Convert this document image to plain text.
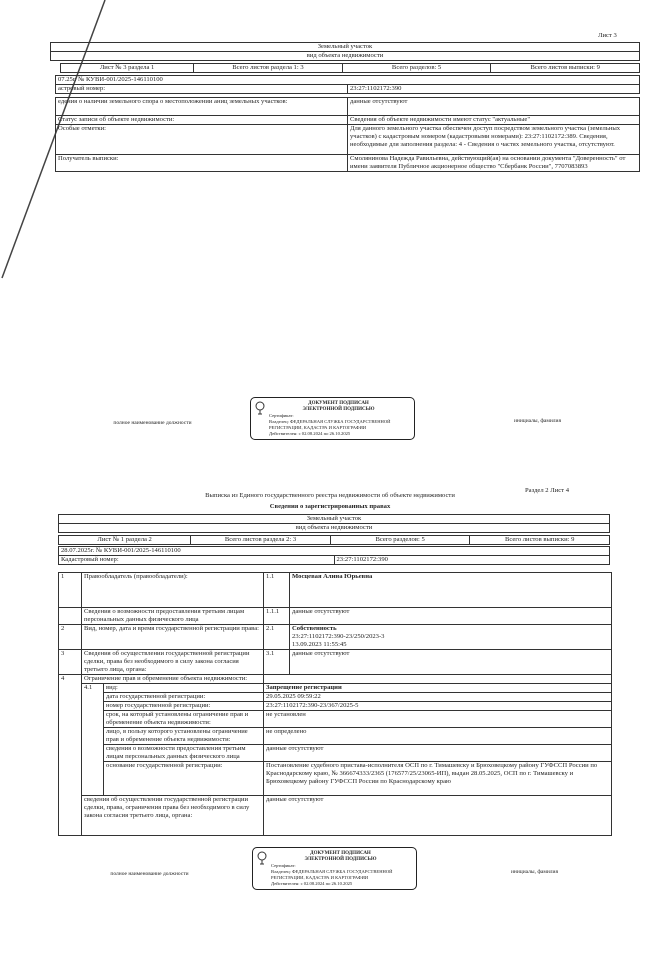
Лист 3
Земельный участок
вид объекта недвижимости
Лист № 3 раздела 1	Всего листов раздела 1: 3	Всего разделов: 5	Всего листов выписки: 9
07.25г. № КУВИ-001/2025-146110100	
астровый номер:	23:27:1102172:390

едения о наличии земельного спора о местоположении аниц земельных участков:	данные отсутствуют
Статус записи об объекте недвижимости:	Сведения об объекте недвижимости имеют статус "актуальные"
Особые отметки:	Для данного земельного участка обеспечен доступ посредством земельного участка (земельных участков) с кадастровым номером (кадастровыми номерами): 23:27:1102172:389. Сведения, необходимые для заполнения раздела: 4 - Сведения о частях земельного участка, отсутствуют.
Получатель выписки:	Смолянинова Надежда Равильевна, действующий(ая) на основании документа "Доверенность" от имени заявителя Публичное акционерное общество "Сбербанк России", 7707083893

полное наименование должности		инициалы, фамилия
ДОКУМЕНТ ПОДПИСАН
ЭЛЕКТРОННОЙ ПОДПИСЬЮ
Сертификат:
Владелец: ФЕДЕРАЛЬНАЯ СЛУЖБА ГОСУДАРСТВЕННОЙ РЕГИСТРАЦИИ, КАДАСТРА И КАРТОГРАФИИ
Действителен: с 02.08.2024 по 26.10.2025
Раздел 2 Лист 4
Выписка из Единого государственного реестра недвижимости об объекте недвижимости
Сведения о зарегистрированных правах
Земельный участок
вид объекта недвижимости
Лист № 1 раздела 2	Всего листов раздела 2: 3	Всего разделов: 5	Всего листов выписки: 9
28.07.2025г. № КУВИ-001/2025-146110100
Кадастровый номер:	23:27:1102172:390
1	Правообладатель (правообладатели):		1.1	Мосцевая Алина Юрьевна
	Сведения о возможности предоставления третьим лицам персональных данных физического лица		1.1.1	данные отсутствуют
2	Вид, номер, дата и время государственной регистрации права:		2.1	Собственность
23:27:1102172:390-23/250/2023-3
13.09.2023 11:55:45

3	Сведения об осуществлении государственной регистрации сделки, права без необходимого в силу закона согласия третьего лица, органа:		3.1	данные отсутствуют
4	Ограничение прав и обременение объекта недвижимости:			
	4.1	вид:	Запрещение регистрации	
		дата государственной регистрации:	29.05.2025 09:59:22	
		номер государственной регистрации:	23:27:1102172:390-23/367/2025-5	
		срок, на который установлены ограничение прав и обременение объекта недвижимости:	не установлен	
		лицо, в пользу которого установлены ограничение прав и обременение объекта недвижимости:	не определено	
		сведения о возможности предоставления третьим лицам персональных данных физического лица	данные отсутствуют	
		основание государственной регистрации:	Постановление судебного пристава-исполнителя ОСП по г. Тимашевску и Брюховецкому району ГУФССП России по Краснодарскому краю, № 366674333/2365 (176577/25/23065-ИП), выдан 28.05.2025, ОСП по г. Тимашевску и Брюховецкому району ГУФССП России по Краснодарскому краю	
	сведения об осуществлении государственной регистрации сделки, права, ограничения права без необходимого в силу закона согласия третьего лица, органа:		данные отсутствуют	

полное наименование должности		инициалы, фамилия
ДОКУМЕНТ ПОДПИСАН
ЭЛЕКТРОННОЙ ПОДПИСЬЮ
Сертификат:
Владелец: ФЕДЕРАЛЬНАЯ СЛУЖБА ГОСУДАРСТВЕННОЙ РЕГИСТРАЦИИ, КАДАСТРА И КАРТОГРАФИИ
Действителен: с 02.08.2024 по 26.10.2025
